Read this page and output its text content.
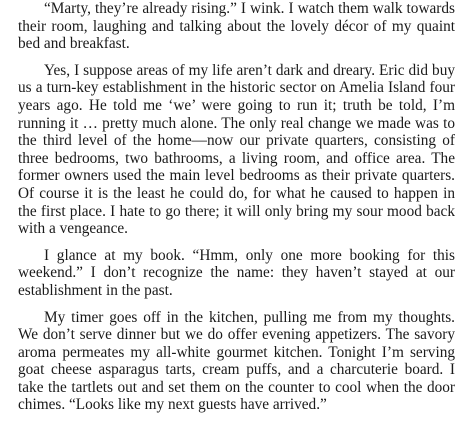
“Marty, they’re already rising.” I wink. I watch them walk towards their room, laughing and talking about the lovely décor of my quaint bed and breakfast.

Yes, I suppose areas of my life aren’t dark and dreary. Eric did buy us a turn-key establishment in the historic sector on Amelia Island four years ago. He told me ‘we’ were going to run it; truth be told, I’m running it … pretty much alone. The only real change we made was to the third level of the home—now our private quarters, consisting of three bedrooms, two bathrooms, a living room, and office area. The former owners used the main level bedrooms as their private quarters. Of course it is the least he could do, for what he caused to happen in the first place. I hate to go there; it will only bring my sour mood back with a vengeance.

I glance at my book. “Hmm, only one more booking for this weekend.” I don’t recognize the name: they haven’t stayed at our establishment in the past.

My timer goes off in the kitchen, pulling me from my thoughts. We don’t serve dinner but we do offer evening appetizers. The savory aroma permeates my all-white gourmet kitchen. Tonight I’m serving goat cheese asparagus tarts, cream puffs, and a charcuterie board. I take the tartlets out and set them on the counter to cool when the door chimes. “Looks like my next guests have arrived.”
